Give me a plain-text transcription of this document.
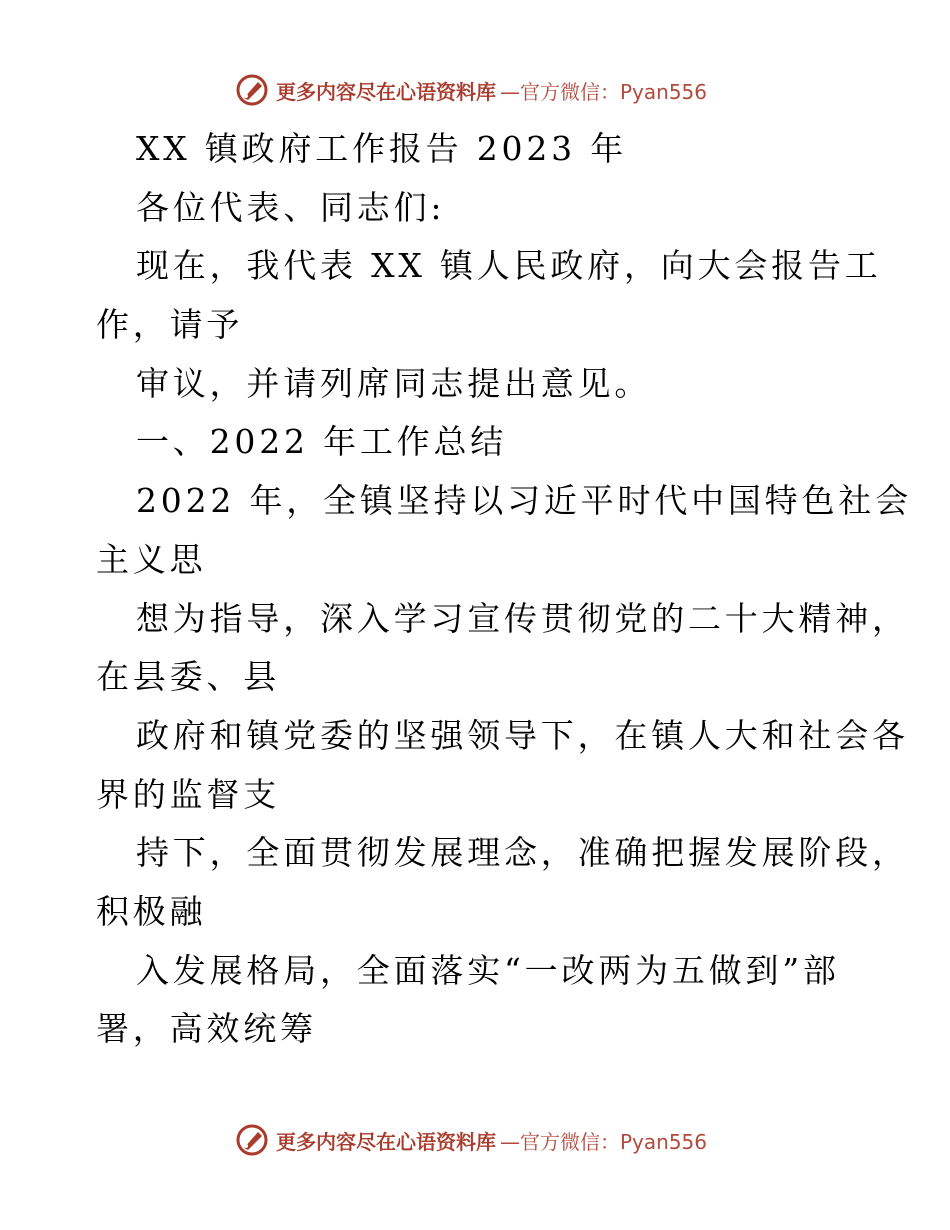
更多内容尽在心语资料库 —官方微信：Pyan556

XX 镇政府工作报告 2023 年

各位代表、同志们:

现在，我代表 XX 镇人民政府，向大会报告工

作，请予

审议，并请列席同志提出意见。

一、2022 年工作总结

2022 年，全镇坚持以习近平时代中国特色社会

主义思

想为指导，深入学习宣传贯彻党的二十大精神，

在县委、县

政府和镇党委的坚强领导下，在镇人大和社会各

界的监督支

持下，全面贯彻发展理念，准确把握发展阶段，

积极融

入发展格局，全面落实“一改两为五做到”部

署，高效统筹

更多内容尽在心语资料库 —官方微信：Pyan556
